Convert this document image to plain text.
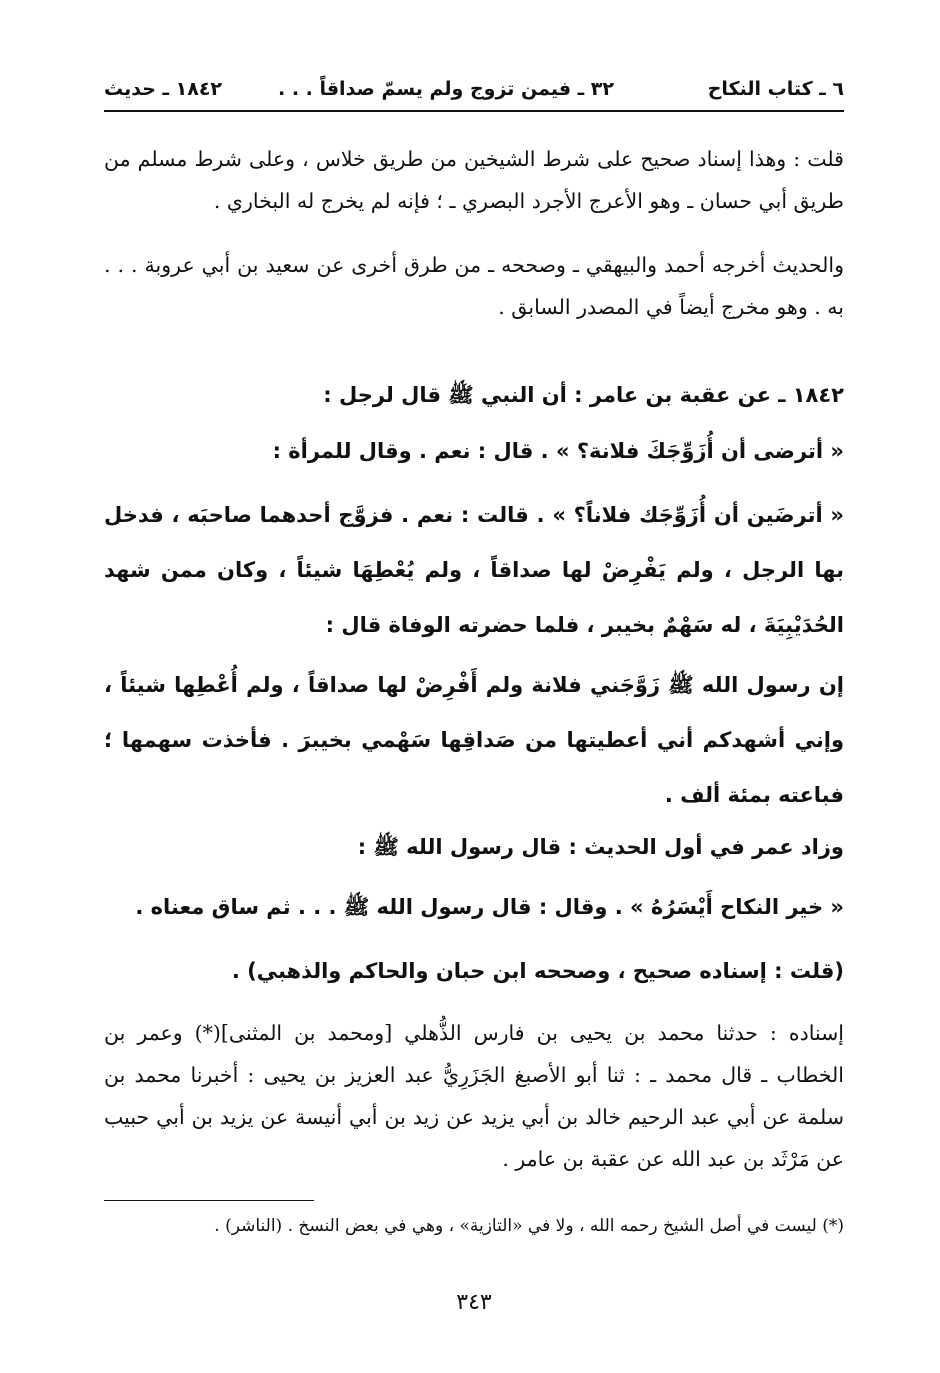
٦ ـ كتاب النكاح
٣٢ ـ فيمن تزوج ولم يسمّ صداقاً . . .
١٨٤٢ ـ حديث
قلت : وهذا إسناد صحيح على شرط الشيخين من طريق خلاس ، وعلى شرط مسلم من طريق أبي حسان ـ وهو الأعرج الأجرد البصري ـ ؛ فإنه لم يخرج له البخاري .
والحديث أخرجه أحمد والبيهقي ـ وصححه ـ من طرق أخرى عن سعيد بن أبي عروبة . . . به . وهو مخرج أيضاً في المصدر السابق .
١٨٤٢ ـ عن عقبة بن عامر : أن النبي ﷺ قال لرجل :
« أترضى أن أُزَوِّجَكَ فلانة؟ » . قال : نعم . وقال للمرأة :
« أترضَين أن أُزَوِّجَك فلاناً؟ » . قالت : نعم . فزوَّج أحدهما صاحبَه ، فدخل بها الرجل ، ولم يَفْرِضْ لها صداقاً ، ولم يُعْطِهَا شيئاً ، وكان ممن شهد الحُدَيْبِيَةَ ، له سَهْمٌ بخيبر ، فلما حضرته الوفاة قال :
إن رسول الله ﷺ زَوَّجَني فلانة ولم أَفْرِضْ لها صداقاً ، ولم أُعْطِها شيئاً ، وإني أشهدكم أني أعطيتها من صَداقِها سَهْمي بخيبرَ . فأخذت سهمها ؛ فباعته بمئة ألف .
وزاد عمر في أول الحديث : قال رسول الله ﷺ :
« خير النكاح أَيْسَرُهُ » . وقال : قال رسول الله ﷺ . . . ثم ساق معناه .
(قلت : إسناده صحيح ، وصححه ابن حبان والحاكم والذهبي) .
إسناده : حدثنا محمد بن يحيى بن فارس الذُّهلي [ومحمد بن المثنى](*) وعمر بن الخطاب ـ قال محمد ـ : ثنا أبو الأصبغ الجَزَرِيُّ عبد العزيز بن يحيى : أخبرنا محمد بن سلمة عن أبي عبد الرحيم خالد بن أبي يزيد عن زيد بن أبي أنيسة عن يزيد بن أبي حبيب عن مَرْثَد بن عبد الله عن عقبة بن عامر .
(*) ليست في أصل الشيخ رحمه الله ، ولا في «التازية» ، وهي في بعض النسخ . (الناشر) .
٣٤٣
